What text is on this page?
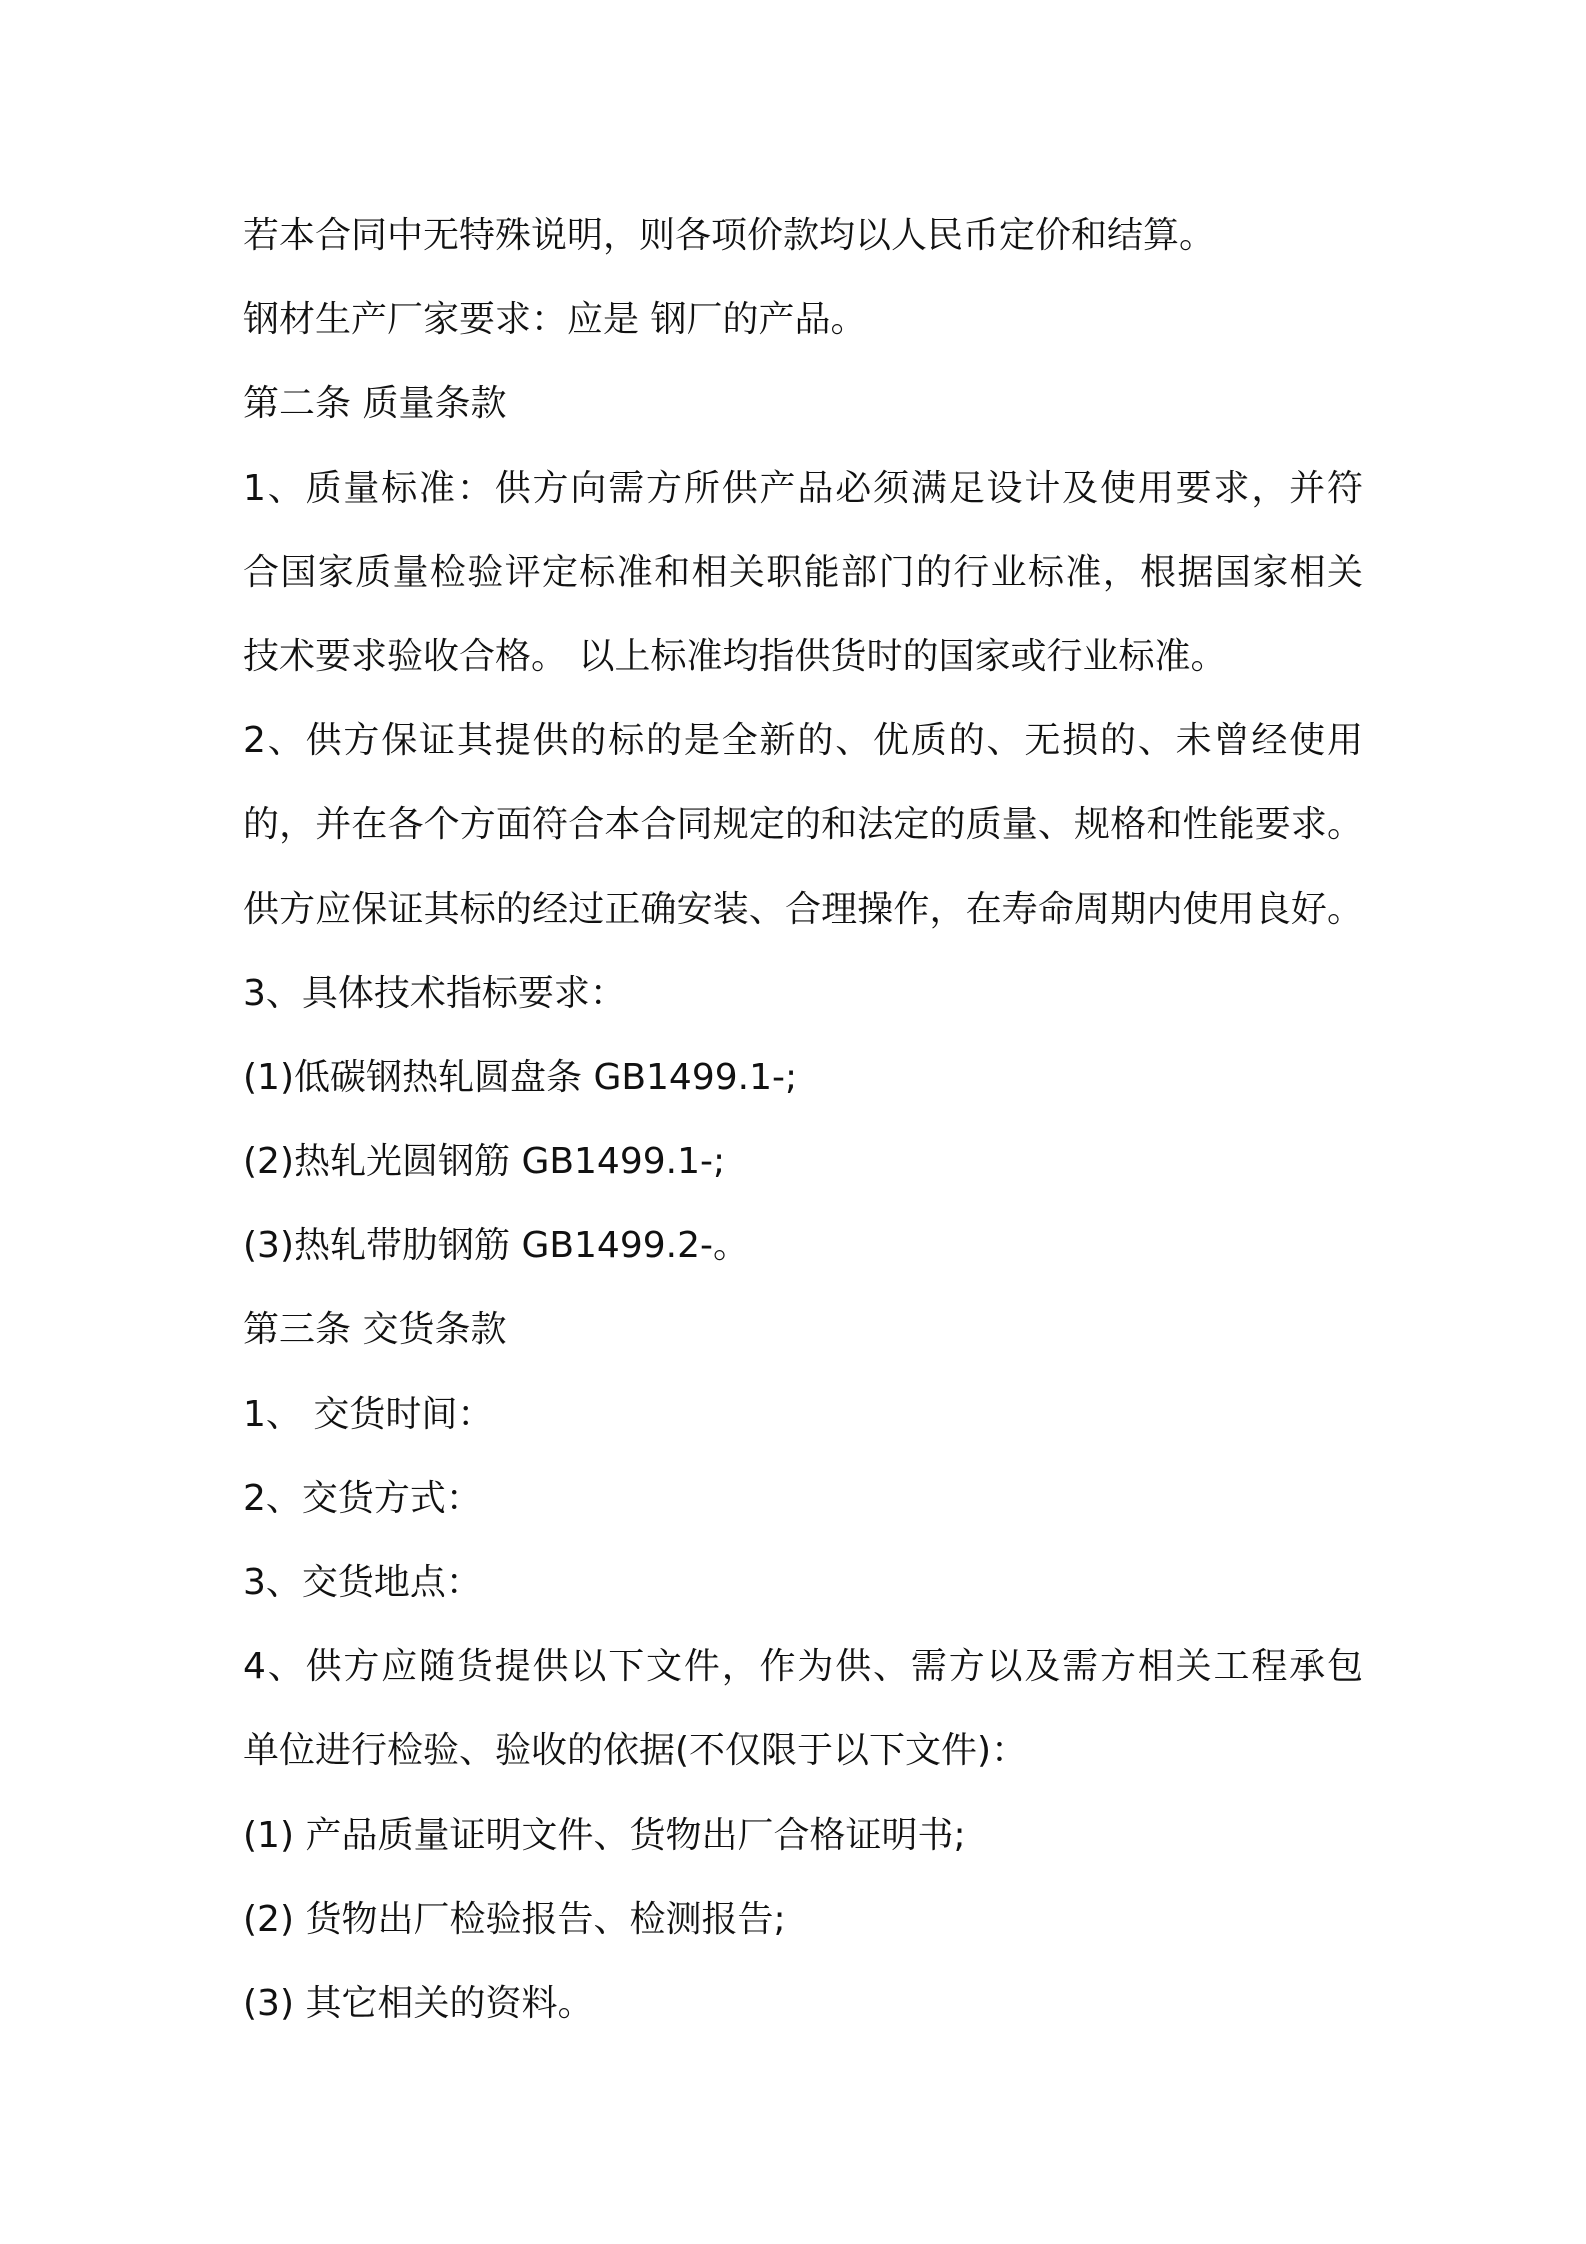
若本合同中无特殊说明，则各项价款均以人民币定价和结算。
钢材生产厂家要求：应是 钢厂的产品。
第二条 质量条款
1、质量标准：供方向需方所供产品必须满足设计及使用要求，并符
合国家质量检验评定标准和相关职能部门的行业标准，根据国家相关
技术要求验收合格。 以上标准均指供货时的国家或行业标准。
2、供方保证其提供的标的是全新的、优质的、无损的、未曾经使用
的，并在各个方面符合本合同规定的和法定的质量、规格和性能要求。
供方应保证其标的经过正确安装、合理操作，在寿命周期内使用良好。
3、具体技术指标要求：
(1)低碳钢热轧圆盘条 GB1499.1-;
(2)热轧光圆钢筋 GB1499.1-;
(3)热轧带肋钢筋 GB1499.2-。
第三条 交货条款
1、 交货时间：
2、交货方式：
3、交货地点：
4、供方应随货提供以下文件，作为供、需方以及需方相关工程承包
单位进行检验、验收的依据(不仅限于以下文件)：
(1) 产品质量证明文件、货物出厂合格证明书;
(2) 货物出厂检验报告、检测报告;
(3) 其它相关的资料。
